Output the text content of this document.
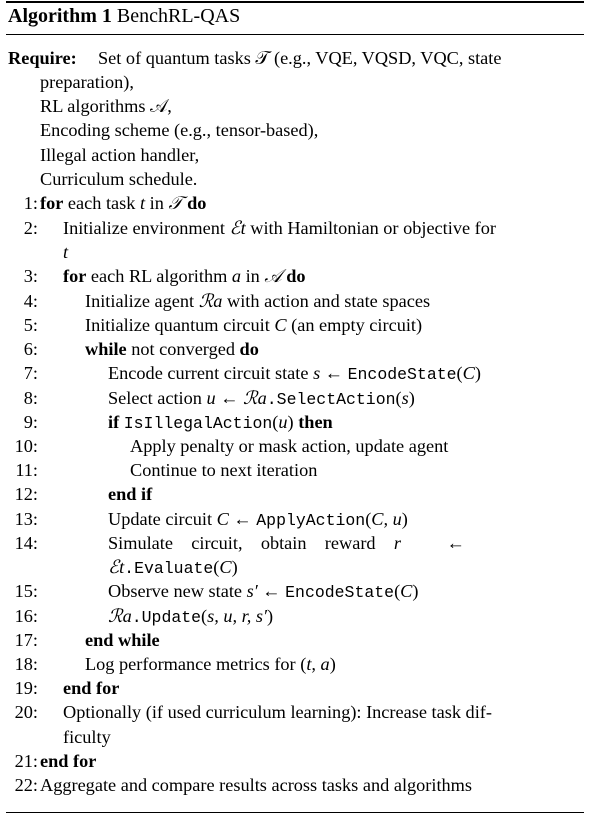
Algorithm 1 BenchRL-QAS
Require: Set of quantum tasks 𝒯 (e.g., VQE, VQSD, VQC, state
preparation),
RL algorithms 𝒜,
Encoding scheme (e.g., tensor-based),
Illegal action handler,
Curriculum schedule.
1: for each task t in 𝒯 do
2: Initialize environment ℰt with Hamiltonian or objective for
t
3: for each RL algorithm a in 𝒜 do
4:	Initialize agent ℛa with action and state spaces
5:	Initialize quantum circuit C (an empty circuit)
6:	while not converged do
7:	Encode current circuit state s ← EncodeState(C)
8:	Select action u ← ℛa.SelectAction(s)
9:	if IsIllegalAction(u) then
10:	Apply penalty or mask action, update agent
11:	Continue to next iteration
12:	end if
13:	Update circuit C ← ApplyAction(C, u)
14:	Simulate    circuit,    obtain    reward    r          ←
ℰt.Evaluate(C)
15:	Observe new state s′ ← EncodeState(C)
16:	ℛa.Update(s, u, r, s′)
17:	end while
18:	Log performance metrics for (t, a)
19: end for
20: Optionally (if used curriculum learning): Increase task dif-
ficulty
21: end for
22: Aggregate and compare results across tasks and algorithms
